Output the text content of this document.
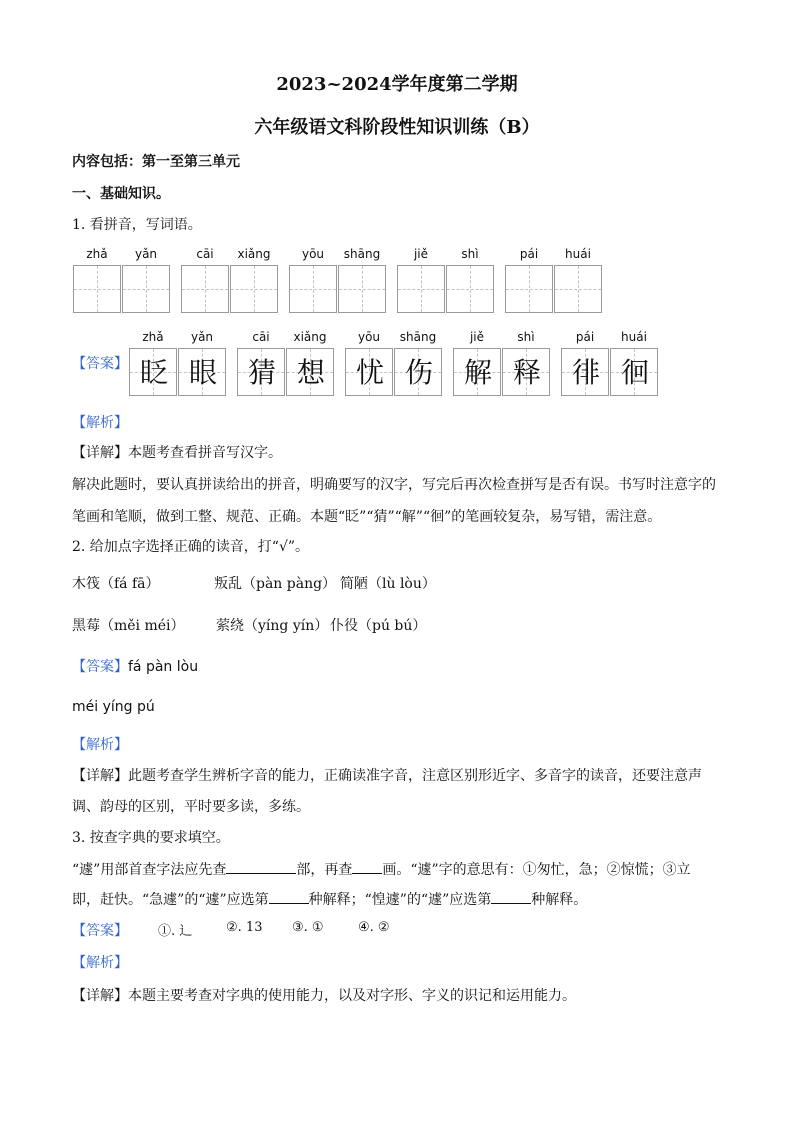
2023~2024学年度第二学期
六年级语文科阶段性知识训练（B）
内容包括：第一至第三单元
一、基础知识。
1. 看拼音，写词语。
zhǎ	yǎn	cāi	xiǎng	yōu	shāng	jiě	shì	pái	huái
【答案】
zhǎ	yǎn	cāi	xiǎng	yōu	shāng	jiě	shì	pái	huái
眨 眼	猜 想	忧 伤	解 释	徘 徊
【解析】
【详解】本题考查看拼音写汉字。
解决此题时，要认真拼读给出的拼音，明确要写的汉字，写完后再次检查拼写是否有误。书写时注意字的
笔画和笔顺，做到工整、规范、正确。本题“眨”“猜”“解”“徊”的笔画较复杂，易写错，需注意。
2. 给加点字选择正确的读音，打“√”。
木筏（fá fā）	叛乱（pàn pàng） 简陋（lù lòu）
黑莓（měi méi） 萦绕（yíng yín） 仆役（pú bú）
【答案】fá pàn lòu
méi yíng pú
【解析】
【详解】此题考查学生辨析字音的能力，正确读准字音，注意区别形近字、多音字的读音，还要注意声
调、韵母的区别，平时要多读，多练。
3. 按查字典的要求填空。
“遽”用部首查字法应先查	部，再查 画。“遽”字的意思有：①匆忙，急；②惊慌；③立
即，赶快。“急遽”的“遽”应选第	种解释；“惶遽”的“遽”应选第	种解释。
【答案】 ①. 辶	②. 13 ③. ①	④. ②
【解析】
【详解】本题主要考查对字典的使用能力，以及对字形、字义的识记和运用能力。
